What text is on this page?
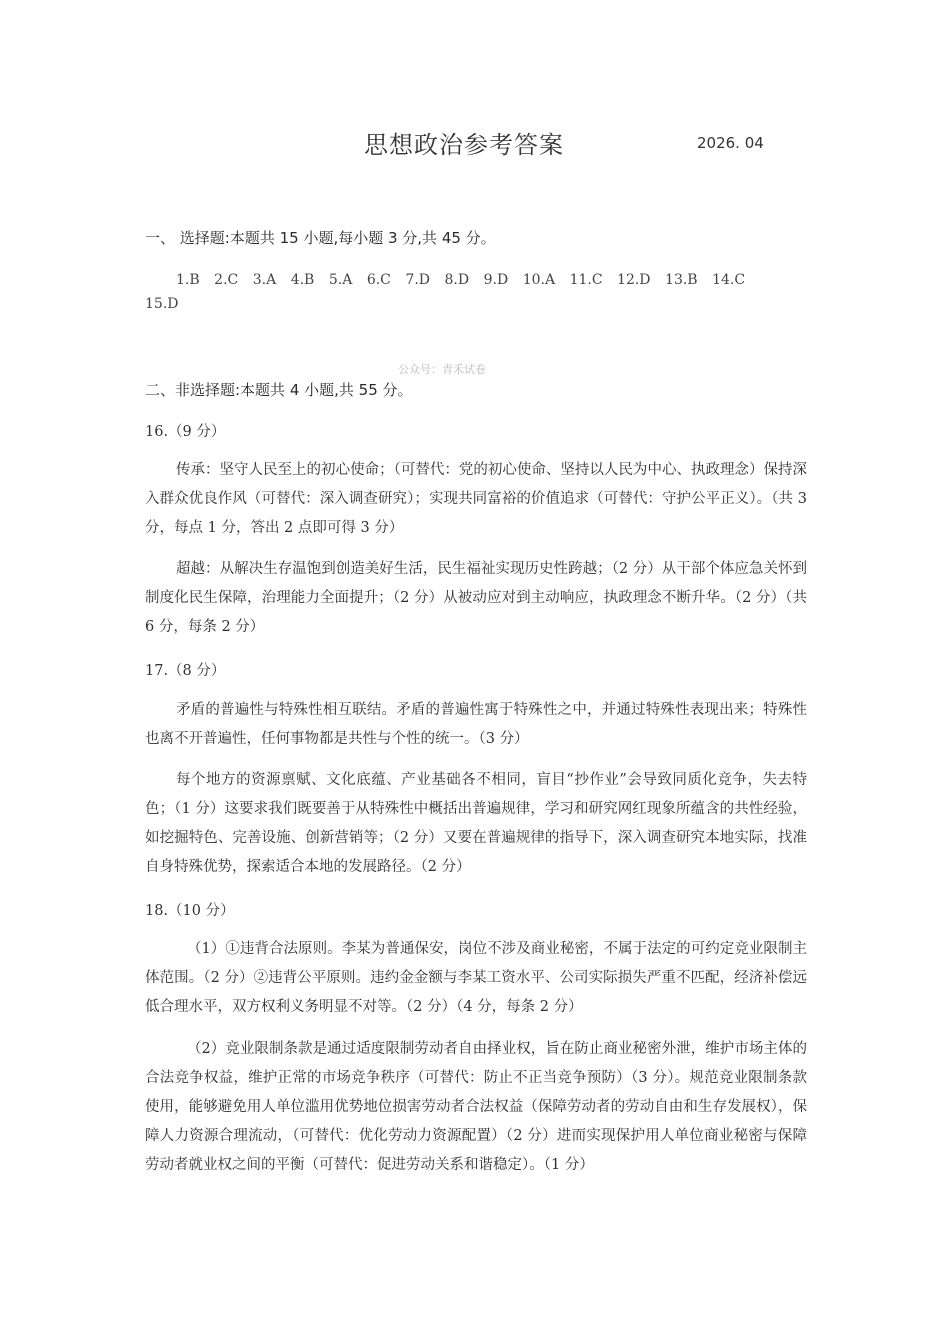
思想政治参考答案	2026. 04
一、 选择题:本题共 15 小题,每小题 3 分,共 45 分。
1.B 2.C 3.A 4.B 5.A 6.C 7.D 8.D 9.D 10.A 11.C 12.D 13.B 14.C
15.D
公众号：青禾试卷
二、非选择题:本题共 4 小题,共 55 分。
16.（9 分）
传承：坚守人民至上的初心使命；（可替代：党的初心使命、坚持以人民为中心、执政理念）保持深入群众优良作风（可替代：深入调查研究）；实现共同富裕的价值追求（可替代：守护公平正义）。（共 3 分，每点 1 分，答出 2 点即可得 3 分）
超越：从解决生存温饱到创造美好生活，民生福祉实现历史性跨越；（2 分）从干部个体应急关怀到制度化民生保障，治理能力全面提升；（2 分）从被动应对到主动响应，执政理念不断升华。（2 分）（共 6 分，每条 2 分）
17.（8 分）
矛盾的普遍性与特殊性相互联结。矛盾的普遍性寓于特殊性之中，并通过特殊性表现出来；特殊性也离不开普遍性，任何事物都是共性与个性的统一。（3 分）
每个地方的资源禀赋、文化底蕴、产业基础各不相同，盲目“抄作业”会导致同质化竞争，失去特色；（1 分）这要求我们既要善于从特殊性中概括出普遍规律，学习和研究网红现象所蕴含的共性经验，如挖掘特色、完善设施、创新营销等；（2 分）又要在普遍规律的指导下，深入调查研究本地实际，找准自身特殊优势，探索适合本地的发展路径。（2 分）
18.（10 分）
（1）①违背合法原则。李某为普通保安，岗位不涉及商业秘密，不属于法定的可约定竞业限制主体范围。（2 分）②违背公平原则。违约金金额与李某工资水平、公司实际损失严重不匹配，经济补偿远低合理水平，双方权利义务明显不对等。（2 分）（4 分，每条 2 分）
（2）竞业限制条款是通过适度限制劳动者自由择业权，旨在防止商业秘密外泄，维护市场主体的合法竞争权益，维护正常的市场竞争秩序（可替代：防止不正当竞争预防）（3 分）。规范竞业限制条款使用，能够避免用人单位滥用优势地位损害劳动者合法权益（保障劳动者的劳动自由和生存发展权），保障人力资源合理流动，（可替代：优化劳动力资源配置）（2 分）进而实现保护用人单位商业秘密与保障劳动者就业权之间的平衡（可替代：促进劳动关系和谐稳定）。（1 分）
